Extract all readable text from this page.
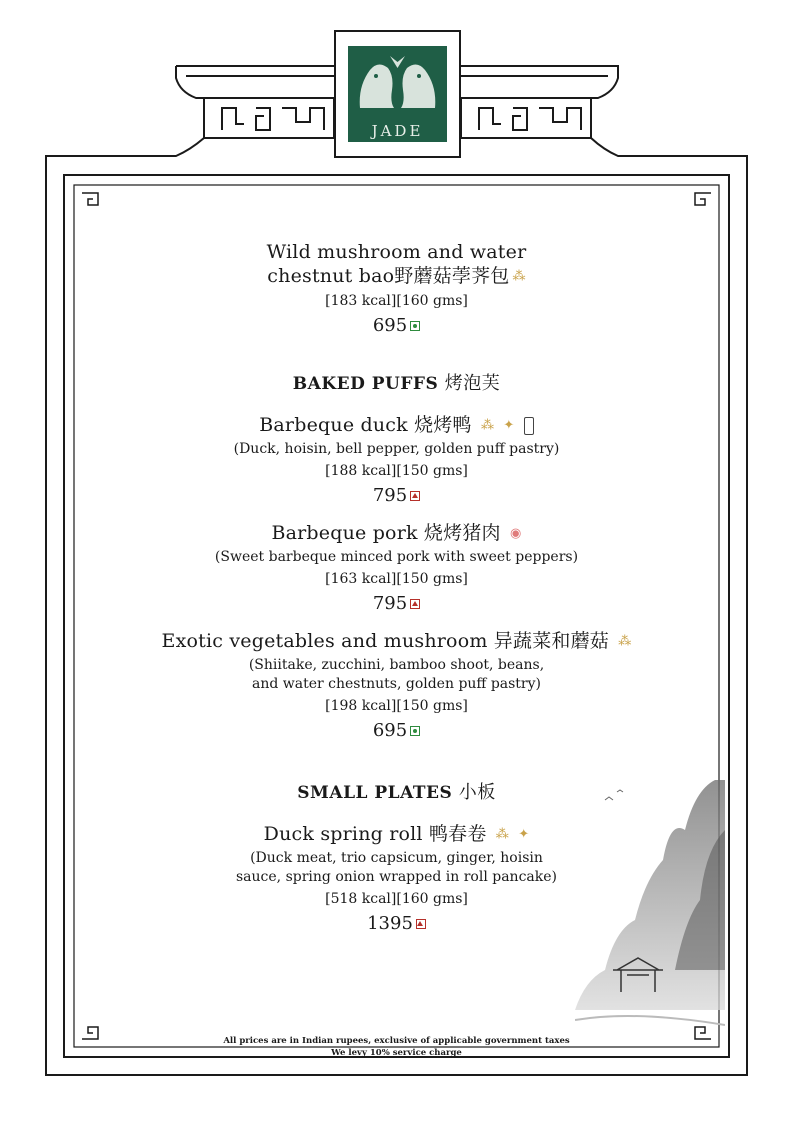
JADE
Wild mushroom and water
chestnut bao野蘑菇荸荠包 ⁂
[183 kcal][160 gms]
695
BAKED PUFFS 烤泡芙
Barbeque duck 烧烤鸭 ⁂ ✦
(Duck, hoisin, bell pepper, golden puff pastry)
[188 kcal][150 gms]
795
Barbeque pork 烧烤猪肉 ◉
(Sweet barbeque minced pork with sweet peppers)
[163 kcal][150 gms]
795
Exotic vegetables and mushroom 异蔬菜和蘑菇 ⁂
(Shiitake, zucchini, bamboo shoot, beans,
and water chestnuts, golden puff pastry)
[198 kcal][150 gms]
695
SMALL PLATES 小板
Duck spring roll 鸭春卷 ⁂ ✦
(Duck meat, trio capsicum, ginger, hoisin
sauce, spring onion wrapped in roll pancake)
[518 kcal][160 gms]
1395
All prices are in Indian rupees, exclusive of applicable government taxes
We levy 10% service charge
